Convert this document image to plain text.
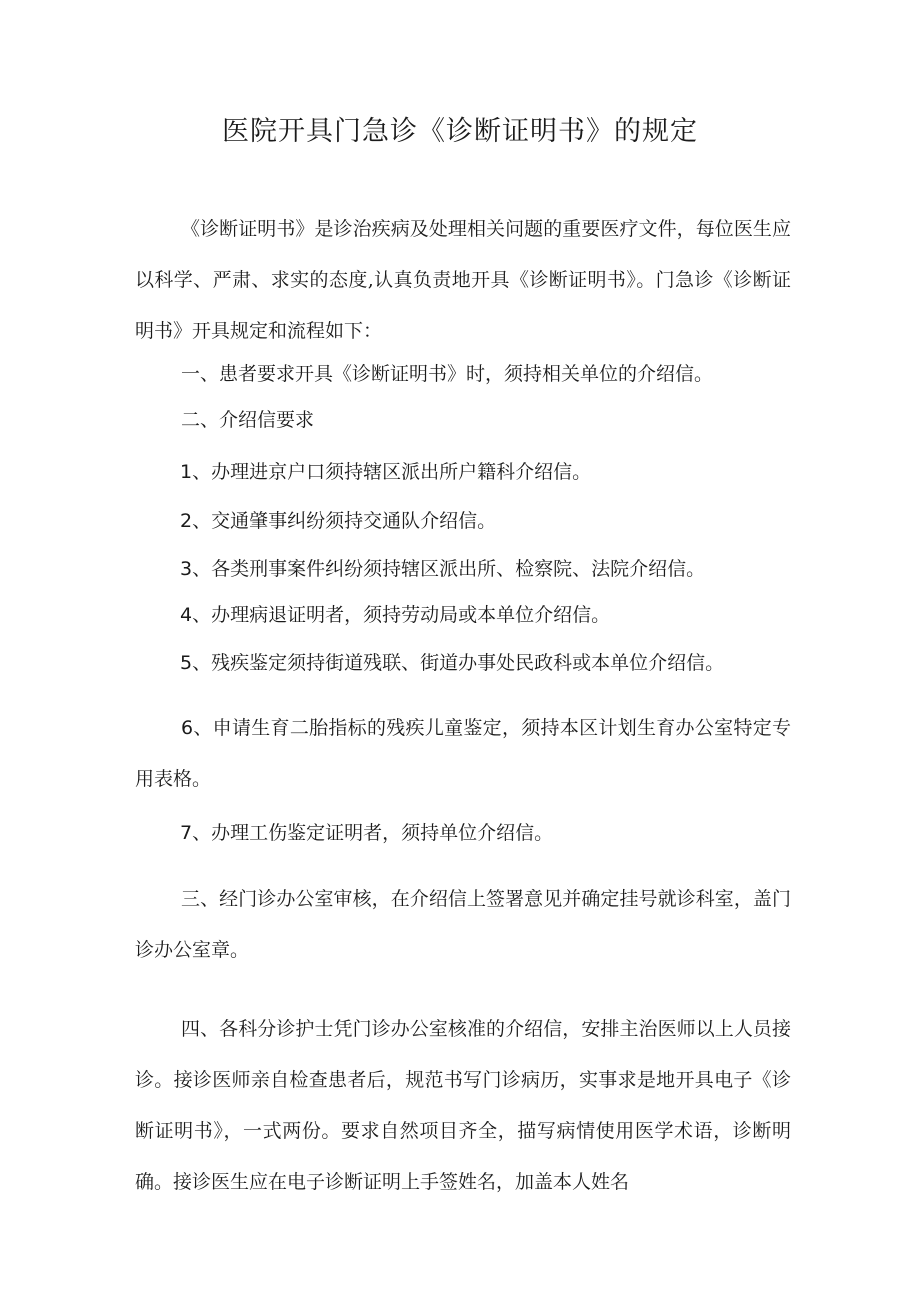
医院开具门急诊《诊断证明书》的规定

《诊断证明书》是诊治疾病及处理相关问题的重要医疗文件，每位医生应以科学、严肃、求实的态度,认真负责地开具《诊断证明书》。门急诊《诊断证明书》开具规定和流程如下：

一、患者要求开具《诊断证明书》时，须持相关单位的介绍信。

二、介绍信要求

1、办理进京户口须持辖区派出所户籍科介绍信。

2、交通肇事纠纷须持交通队介绍信。

3、各类刑事案件纠纷须持辖区派出所、检察院、法院介绍信。

4、办理病退证明者，须持劳动局或本单位介绍信。

5、残疾鉴定须持街道残联、街道办事处民政科或本单位介绍信。

6、申请生育二胎指标的残疾儿童鉴定，须持本区计划生育办公室特定专用表格。

7、办理工伤鉴定证明者，须持单位介绍信。

三、经门诊办公室审核，在介绍信上签署意见并确定挂号就诊科室，盖门诊办公室章。

四、各科分诊护士凭门诊办公室核准的介绍信，安排主治医师以上人员接诊。接诊医师亲自检查患者后，规范书写门诊病历，实事求是地开具电子《诊断证明书》，一式两份。要求自然项目齐全，描写病情使用医学术语，诊断明确。接诊医生应在电子诊断证明上手签姓名，加盖本人姓名
